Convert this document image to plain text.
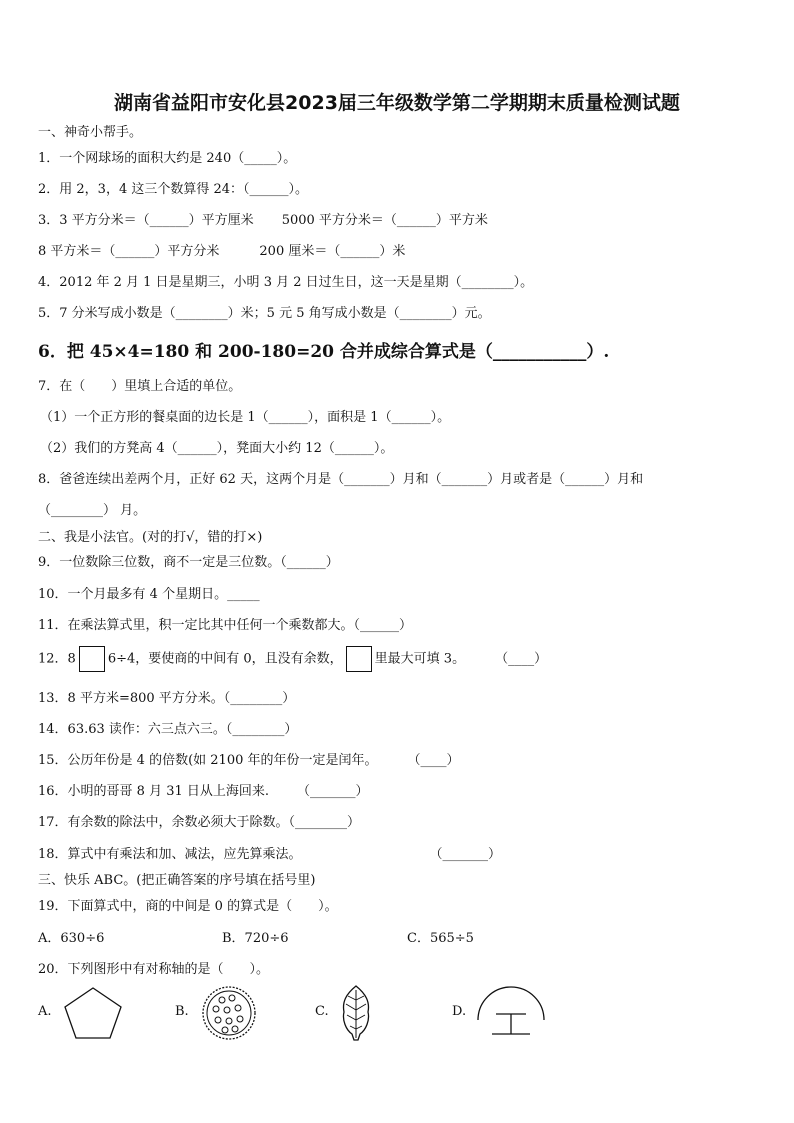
湖南省益阳市安化县2023届三年级数学第二学期期末质量检测试题
一、神奇小帮手。
1．一个网球场的面积大约是 240（_____）。
2．用 2，3，4 这三个数算得 24：（______）。
3．3 平方分米＝（______）平方厘米 5000 平方分米＝（______）平方米
8 平方米＝（______）平方分米	200 厘米＝（______）米
4．2012 年 2 月 1 日是星期三，小明 3 月 2 日过生日，这一天是星期（________）。
5．7 分米写成小数是（________）米；5 元 5 角写成小数是（________）元。
6．把 45×4=180 和 200-180=20 合并成综合算式是（___________）.
7．在（　　）里填上合适的单位。
（1）一个正方形的餐桌面的边长是 1（______），面积是 1（______）。
（2）我们的方凳高 4（______），凳面大小约 12（______）。
8．爸爸连续出差两个月，正好 62 天，这两个月是（_______）月和（_______）月或者是（______）月和
（________） 月。
二、我是小法官。(对的打√，错的打×)
9．一位数除三位数，商不一定是三位数。（______）
10．一个月最多有 4 个星期日。_____
11．在乘法算式里，积一定比其中任何一个乘数都大。（______）
12．8 6÷4，要使商的中间有 0，且没有余数， 里最大可填 3。 （____）
13．8 平方米=800 平方分米。（________）
14．63.63 读作：六三点六三。（________）
15．公历年份是 4 的倍数(如 2100 年的年份一定是闰年。 （____）
16．小明的哥哥 8 月 31 日从上海回来. （_______）
17．有余数的除法中，余数必须大于除数。（________）
18．算式中有乘法和加、减法，应先算乘法。	（_______）
三、快乐 ABC。(把正确答案的序号填在括号里)
19．下面算式中，商的中间是 0 的算式是（　　）。
A．630÷6	B．720÷6	C．565÷5
20．下列图形中有对称轴的是（　　）。
A.	B.	C.	D.
